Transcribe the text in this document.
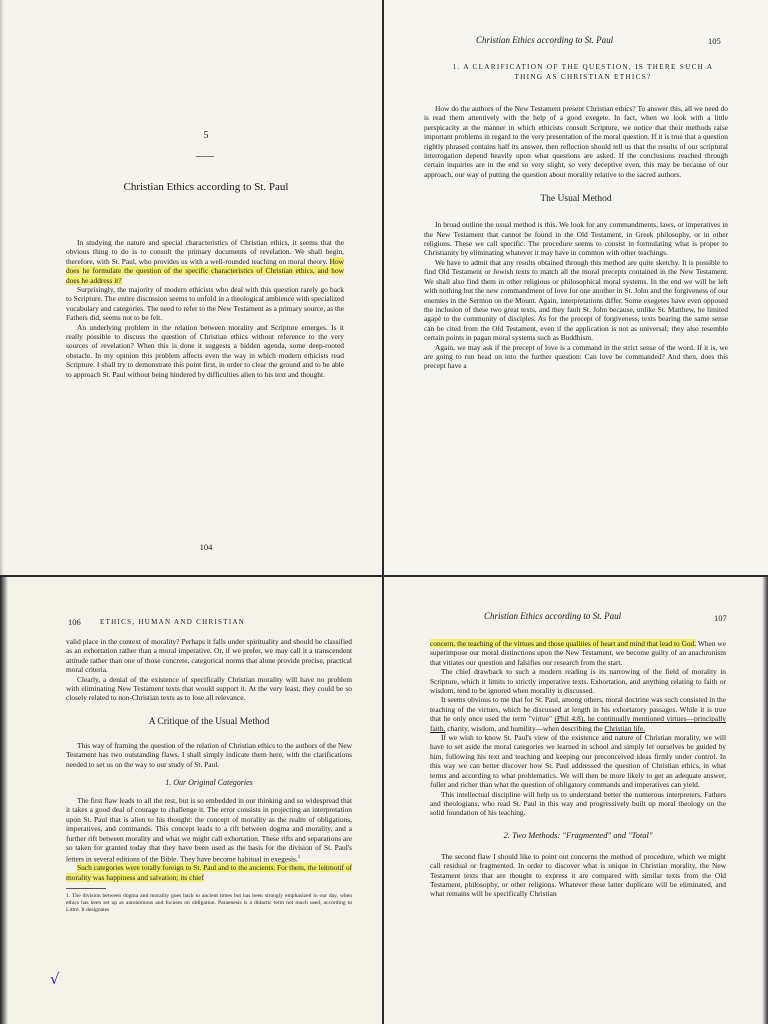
5
Christian Ethics according to St. Paul

In studying the nature and special characteristics of Christian ethics, it seems that the obvious thing to do is to consult the primary documents of revelation. We shall begin, therefore, with St. Paul, who provides us with a well-rounded teaching on moral theory. How does he formulate the question of the specific characteristics of Christian ethics, and how does he address it?

Surprisingly, the majority of modern ethicists who deal with this question rarely go back to Scripture. The entire discussion seems to unfold in a theological ambience with specialized vocabulary and categories. The need to refer to the New Testament as a primary source, as the Fathers did, seems not to be felt.

An underlying problem in the relation between morality and Scripture emerges. Is it really possible to discuss the question of Christian ethics without reference to the very sources of revelation? When this is done it suggests a hidden agenda, some deep-rooted obstacle. In my opinion this problem affects even the way in which modern ethicists read Scripture. I shall try to demonstrate this point first, in order to clear the ground and to be able to approach St. Paul without being hindered by difficulties alien to his text and thought.

104
Christian Ethics according to St. Paul	105
1. A CLARIFICATION OF THE QUESTION, IS THERE SUCH A THING AS CHRISTIAN ETHICS?

How do the authors of the New Testament present Christian ethics? To answer this, all we need do is read them attentively with the help of a good exegete. In fact, when we look with a little perspicacity at the manner in which ethicists consult Scripture, we notice that their methods raise important problems in regard to the very presentation of the moral question. If it is true that a question rightly phrased contains half its answer, then reflection should tell us that the results of our scriptural interrogation depend heavily upon what questions are asked. If the conclusions reached through certain inquiries are in the end so very slight, so very deceptive even, this may be because of our approach, our way of putting the question about morality relative to the sacred authors.

The Usual Method

In broad outline the usual method is this. We look for any commandments, laws, or imperatives in the New Testament that cannot be found in the Old Testament, in Greek philosophy, or in other religions. These we call specific. The procedure seems to consist in formulating what is proper to Christianity by eliminating whatever it may have in common with other teachings.

We have to admit that any results obtained through this method are quite sketchy. It is possible to find Old Testament or Jewish texts to match all the moral precepts contained in the New Testament. We shall also find them in other religious or philosophical moral systems. In the end we will be left with nothing but the new commandment of love for one another in St. John and the forgiveness of our enemies in the Sermon on the Mount. Again, interpretations differ. Some exegetes have even opposed the inclusion of these two great texts, and they fault St. John because, unlike St. Matthew, he limited agapè to the community of disciples. As for the precept of forgiveness, texts bearing the same sense can be cited from the Old Testament, even if the application is not as universal; they also resemble certain points in pagan moral systems such as Buddhism.

Again, we may ask if the precept of love is a command in the strict sense of the word. If it is, we are going to run head on into the further question: Can love be commanded? And then, does this precept have a

106	ETHICS, HUMAN AND CHRISTIAN

valid place in the context of morality? Perhaps it falls under spirituality and should be classified as an exhortation rather than a moral imperative. Or, if we prefer, we may call it a transcendent attitude rather than one of those concrete, categorical norms that alone provide precise, practical moral criteria.

Clearly, a denial of the existence of specifically Christian morality will have no problem with eliminating New Testament texts that would support it. At the very least, they could be so closely related to non-Christian texts as to lose all relevance.

A Critique of the Usual Method

This way of framing the question of the relation of Christian ethics to the authors of the New Testament has two outstanding flaws. I shall simply indicate them here, with the clarifications needed to set us on the way to our study of St. Paul.

1. Our Original Categories

The first flaw leads to all the rest, but is so embedded in our thinking and so widespread that it takes a good deal of courage to challenge it. The error consists in projecting an interpretation upon St. Paul that is alien to his thought: the concept of morality as the realm of obligations, imperatives, and commands. This concept leads to a rift between dogma and morality, and a further rift between morality and what we might call exhortation. These rifts and separations are so taken for granted today that they have been used as the basis for the division of St. Paul's letters in several editions of the Bible. They have become habitual in exegesis.$^1$

Such categories were totally foreign to St. Paul and to the ancients. For them, the leitmotif of morality was happiness and salvation; its chief

1. The division between dogma and morality goes back to ancient times but has been strongly emphasized in our day, when ethics has been set up as autonomous and focuses on obligation. Paraenesis is a didactic term not much used, according to Littré. It designates

√
Christian Ethics according to St. Paul	107

concern, the teaching of the virtues and those qualities of heart and mind that lead to God. When we superimpose our moral distinctions upon the New Testament, we become guilty of an anachronism that vitiates our question and falsifies our research from the start.

The chief drawback to such a modern reading is its narrowing of the field of morality in Scripture, which it limits to strictly imperative texts. Exhortation, and anything relating to faith or wisdom, tend to be ignored when morality is discussed.

It seems obvious to me that for St. Paul, among others, moral doctrine was such consisted in the teaching of the virtues, which he discussed at length in his exhortatory passages. While it is true that he only once used the term "virtue" (Phil 4:8), he continually mentioned virtues—principally faith, charity, wisdom, and humility—when describing the Christian life.

If we wish to know St. Paul's view of the existence and nature of Christian morality, we will have to set aside the moral categories we learned in school and simply let ourselves be guided by him, following his text and teaching and keeping our preconceived ideas firmly under control. In this way we can better discover how St. Paul addressed the question of Christian ethics, in what terms and according to what problematics. We will then be more likely to get an adequate answer, fuller and richer than what the question of obligatory commands and imperatives can yield.

This intellectual discipline will help us to understand better the numerous interpreters, Fathers and theologians, who read St. Paul in this way and progressively built up moral theology on the solid foundation of his teaching.

2. Two Methods: "Fragmented" and "Total"

The second flaw I should like to point out concerns the method of procedure, which we might call residual or fragmented. In order to discover what is unique in Christian morality, the New Testament texts that are thought to express it are compared with similar texts from the Old Testament, philosophy, or other religions. Whatever these latter duplicate will be eliminated, and what remains will be specifically Christian
